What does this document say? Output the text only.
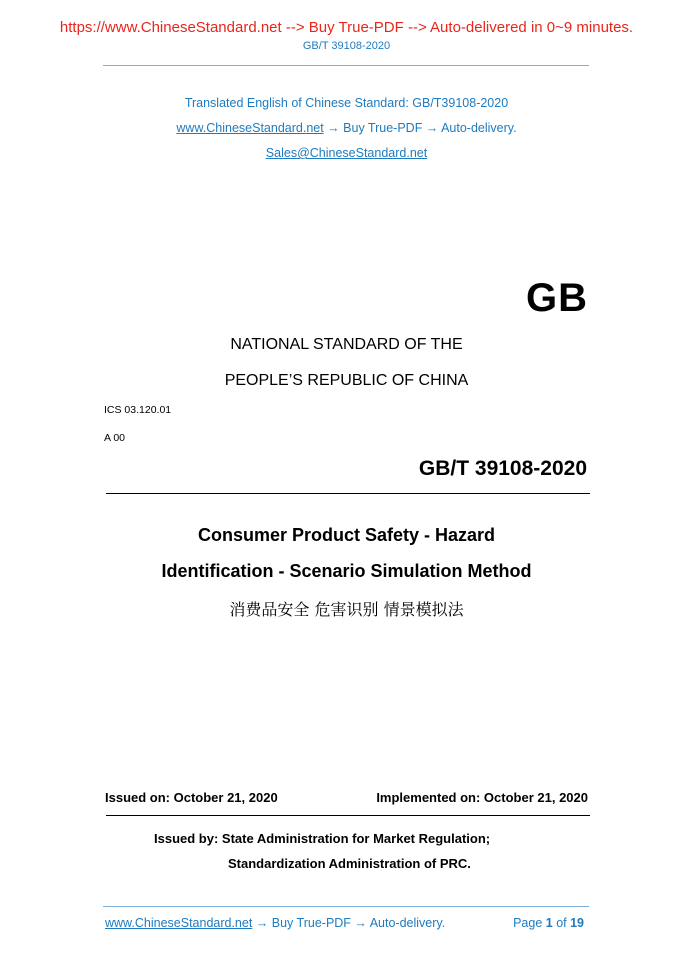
https://www.ChineseStandard.net --> Buy True-PDF --> Auto-delivered in 0~9 minutes.
GB/T 39108-2020
Translated English of Chinese Standard: GB/T39108-2020
www.ChineseStandard.net → Buy True-PDF → Auto-delivery.
Sales@ChineseStandard.net
GB
NATIONAL STANDARD OF THE
PEOPLE’S REPUBLIC OF CHINA
ICS 03.120.01
A 00
GB/T 39108-2020
Consumer Product Safety - Hazard
Identification - Scenario Simulation Method
消费品安全 危害识别 情景模拟法
Issued on: October 21, 2020	Implemented on: October 21, 2020
Issued by: State Administration for Market Regulation;
Standardization Administration of PRC.
www.ChineseStandard.net → Buy True-PDF → Auto-delivery.	Page 1 of 19
